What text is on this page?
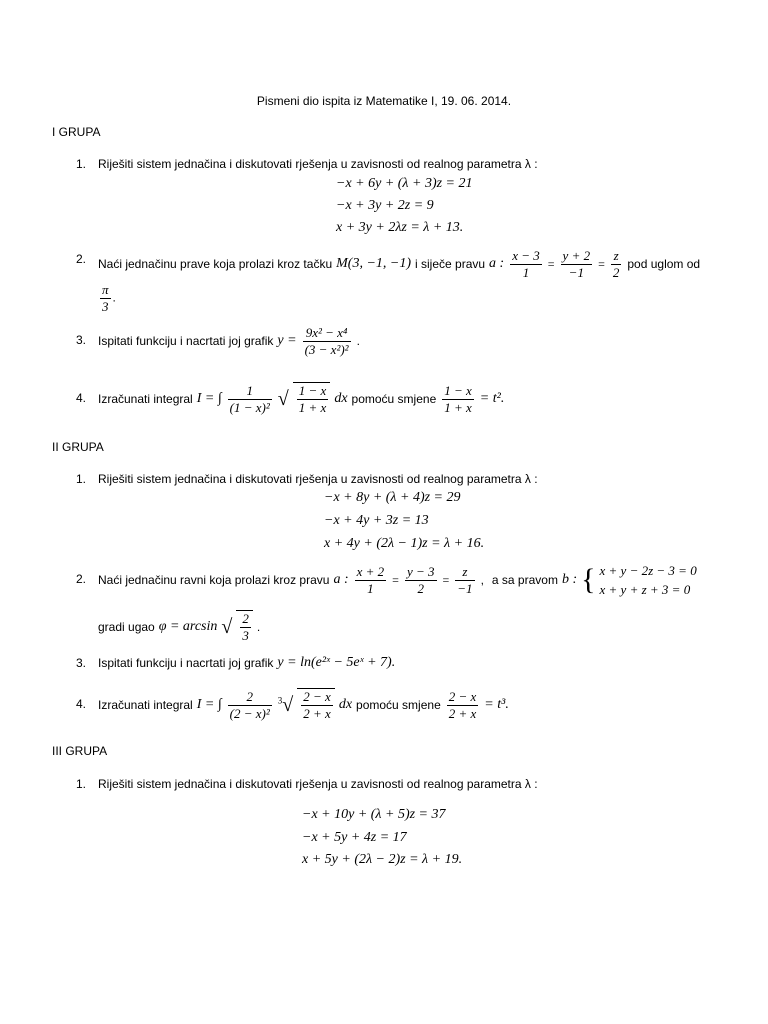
Pismeni dio ispita iz Matematike I, 19. 06. 2014.
I GRUPA
1. Riješiti sistem jednačina i diskutovati rješenja u zavisnosti od realnog parametra λ :
−x + 6y + (λ + 3)z = 21
−x + 3y + 2z = 9
x + 3y + 2λz = λ + 13.
2. Naći jednačinu prave koja prolazi kroz tačku M(3, −1, −1) i siječe pravu a : $\frac{x - 3}{1} = \frac{y + 2}{-1} = \frac{z}{2}$ pod uglom od
$\frac{\pi}{3}$ .
3. Ispitati funkciju i nacrtati joj grafik $y = \frac{\text{9x² − x⁴}}{\text{(3 − x²)²}}$ .
4. Izračunati integral I = ∫ $\frac{1}{\text{(1 − x)²}}$ √ $\frac{1 - x}{1 + x}$ dx pomoću smjene $\frac{1 - x}{1 + x} = t^2$.
II GRUPA
1. Riješiti sistem jednačina i diskutovati rješenja u zavisnosti od realnog parametra λ :
−x + 8y + (λ + 4)z = 29
−x + 4y + 3z = 13
x + 4y + (2λ − 1)z = λ + 16.
2. Naći jednačinu ravni koja prolazi kroz pravu a : $\frac{x + 2}{1} = \frac{y - 3}{2} = \frac{z}{-1}$ , a sa pravom b : { x + y − 2z − 3 = 0
x + y + z + 3 = 0
gradi ugao φ = arcsin √ $\frac{2}{3}$ .
3. Ispitati funkciju i nacrtati joj grafik y = ln(e²ˣ − 5eˣ + 7).
4. Izračunati integral I = ∫ $\frac{2}{\text{(2 − x)²}} ^3√ \frac{2 - x}{2 + x}$ dx pomoću smjene $\frac{2 - x}{2 + x} = t^3$.
III GRUPA
1. Riješiti sistem jednačina i diskutovati rješenja u zavisnosti od realnog parametra λ :
−x + 10y + (λ + 5)z = 37
−x + 5y + 4z = 17
x + 5y + (2λ − 2)z = λ + 19.
